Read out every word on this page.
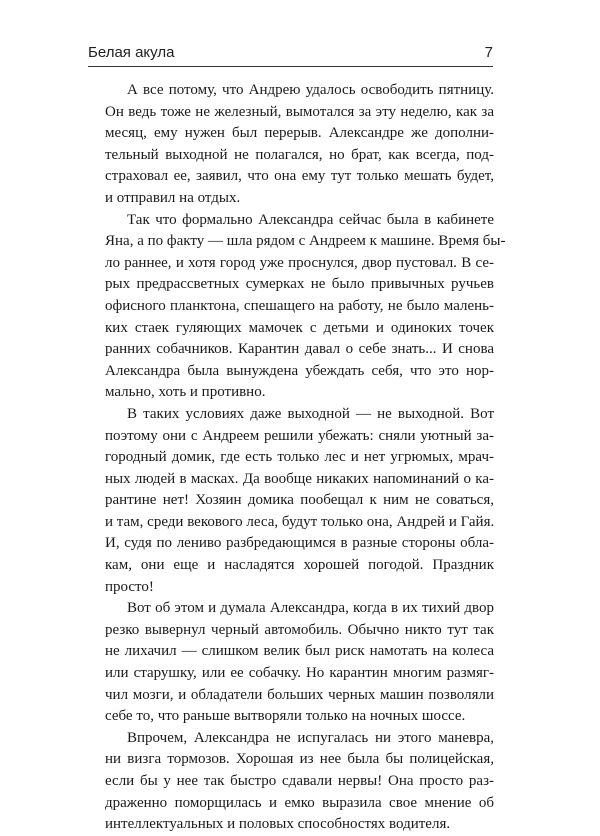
Белая акула	7

А все потому, что Андрею удалось освободить пятницу.
Он ведь тоже не железный, вымотался за эту неделю, как за
месяц, ему нужен был перерыв. Александре же дополни-
тельный выходной не полагался, но брат, как всегда, под-
страховал ее, заявил, что она ему тут только мешать будет,
и отправил на отдых.

Так что формально Александра сейчас была в кабинете
Яна, а по факту — шла рядом с Андреем к машине. Время бы-
ло раннее, и хотя город уже проснулся, двор пустовал. В се-
рых предрассветных сумерках не было привычных ручьев
офисного планктона, спешащего на работу, не было малень-
ких стаек гуляющих мамочек с детьми и одиноких точек
ранних собачников. Карантин давал о себе знать... И снова
Александра была вынуждена убеждать себя, что это нор-
мально, хоть и противно.

В таких условиях даже выходной — не выходной. Вот
поэтому они с Андреем решили убежать: сняли уютный за-
городный домик, где есть только лес и нет угрюмых, мрач-
ных людей в масках. Да вообще никаких напоминаний о ка-
рантине нет! Хозяин домика пообещал к ним не соваться,
и там, среди векового леса, будут только она, Андрей и Гайя.
И, судя по лениво разбредающимся в разные стороны обла-
кам, они еще и насладятся хорошей погодой. Праздник
просто!

Вот об этом и думала Александра, когда в их тихий двор
резко вывернул черный автомобиль. Обычно никто тут так
не лихачил — слишком велик был риск намотать на колеса
или старушку, или ее собачку. Но карантин многим размяг-
чил мозги, и обладатели больших черных машин позволяли
себе то, что раньше вытворяли только на ночных шоссе.

Впрочем, Александра не испугалась ни этого маневра,
ни визга тормозов. Хорошая из нее была бы полицейская,
если бы у нее так быстро сдавали нервы! Она просто раз-
драженно поморщилась и емко выразила свое мнение об
интеллектуальных и половых способностях водителя.
